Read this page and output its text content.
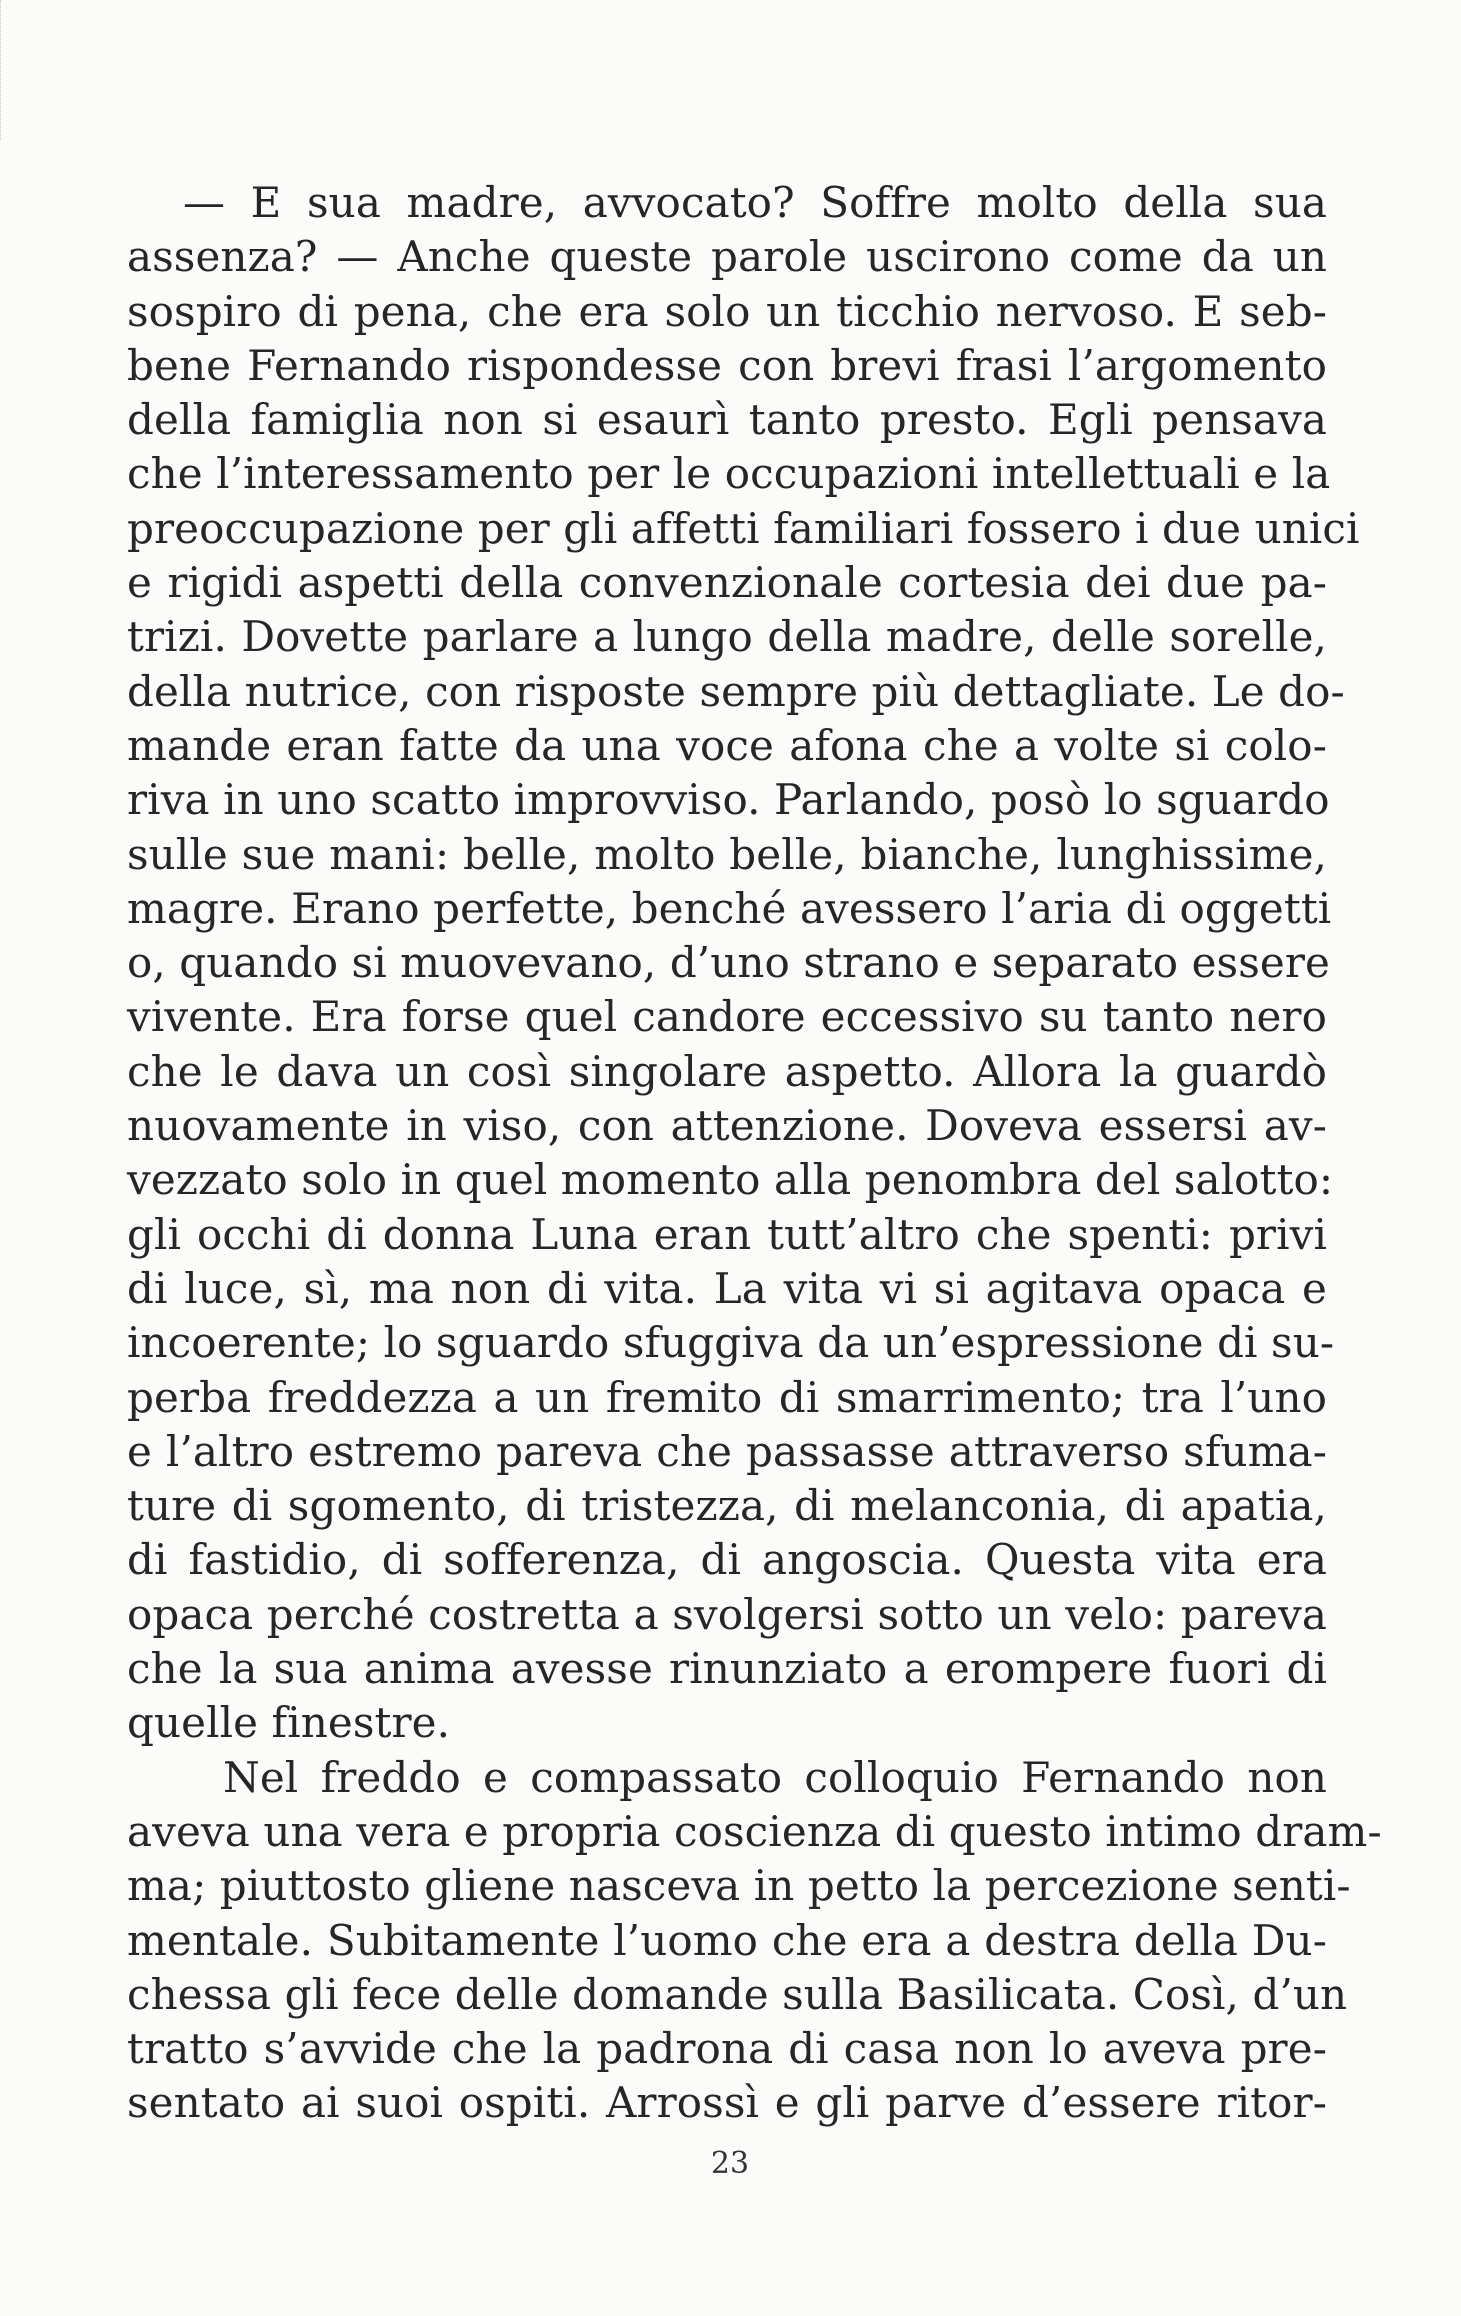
— E sua madre, avvocato? Soffre molto della sua
assenza? — Anche queste parole uscirono come da un
sospiro di pena, che era solo un ticchio nervoso. E seb-
bene Fernando rispondesse con brevi frasi l’argomento
della famiglia non si esaurì tanto presto. Egli pensava
che l’interessamento per le occupazioni intellettuali e la
preoccupazione per gli affetti familiari fossero i due unici
e rigidi aspetti della convenzionale cortesia dei due pa-
trizi. Dovette parlare a lungo della madre, delle sorelle,
della nutrice, con risposte sempre più dettagliate. Le do-
mande eran fatte da una voce afona che a volte si colo-
riva in uno scatto improvviso. Parlando, posò lo sguardo
sulle sue mani: belle, molto belle, bianche, lunghissime,
magre. Erano perfette, benché avessero l’aria di oggetti
o, quando si muovevano, d’uno strano e separato essere
vivente. Era forse quel candore eccessivo su tanto nero
che le dava un così singolare aspetto. Allora la guardò
nuovamente in viso, con attenzione. Doveva essersi av-
vezzato solo in quel momento alla penombra del salotto:
gli occhi di donna Luna eran tutt’altro che spenti: privi
di luce, sì, ma non di vita. La vita vi si agitava opaca e
incoerente; lo sguardo sfuggiva da un’espressione di su-
perba freddezza a un fremito di smarrimento; tra l’uno
e l’altro estremo pareva che passasse attraverso sfuma-
ture di sgomento, di tristezza, di melanconia, di apatia,
di fastidio, di sofferenza, di angoscia. Questa vita era
opaca perché costretta a svolgersi sotto un velo: pareva
che la sua anima avesse rinunziato a erompere fuori di
quelle finestre.
Nel freddo e compassato colloquio Fernando non
aveva una vera e propria coscienza di questo intimo dram-
ma; piuttosto gliene nasceva in petto la percezione senti-
mentale. Subitamente l’uomo che era a destra della Du-
chessa gli fece delle domande sulla Basilicata. Così, d’un
tratto s’avvide che la padrona di casa non lo aveva pre-
sentato ai suoi ospiti. Arrossì e gli parve d’essere ritor-
23
